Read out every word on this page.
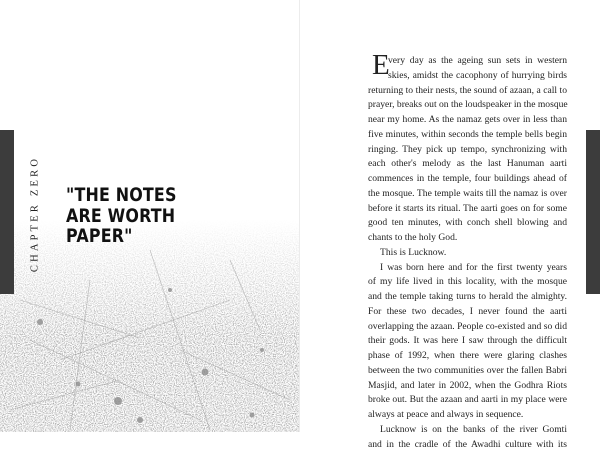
CHAPTER ZERO "THE NOTES
ARE WORTH
PAPER"
E
very day as the ageing sun sets in western
skies, amidst the cacophony of hurrying birds
returning to their nests, the sound of azaan, a call to
prayer, breaks out on the loudspeaker in the mosque
near my home. As the namaz gets over in less than
five minutes, within seconds the temple bells begin
ringing. They pick up tempo, synchronizing with
each other's melody as the last Hanuman aarti
commences in the temple, four buildings ahead of
the mosque. The temple waits till the namaz is over
before it starts its ritual. The aarti goes on for some
good ten minutes, with conch shell blowing and
chants to the holy God.
This is Lucknow.
I was born here and for the first twenty years
of my life lived in this locality, with the mosque
and the temple taking turns to herald the almighty.
For these two decades, I never found the aarti
overlapping the azaan. People co-existed and so did
their gods. It was here I saw through the difficult
phase of 1992, when there were glaring clashes
between the two communities over the fallen Babri
Masjid, and later in 2002, when the Godhra Riots
broke out. But the azaan and aarti in my place were
always at peace and always in sequence.
Lucknow is on the banks of the river Gomti
and in the cradle of the Awadhi culture with its
